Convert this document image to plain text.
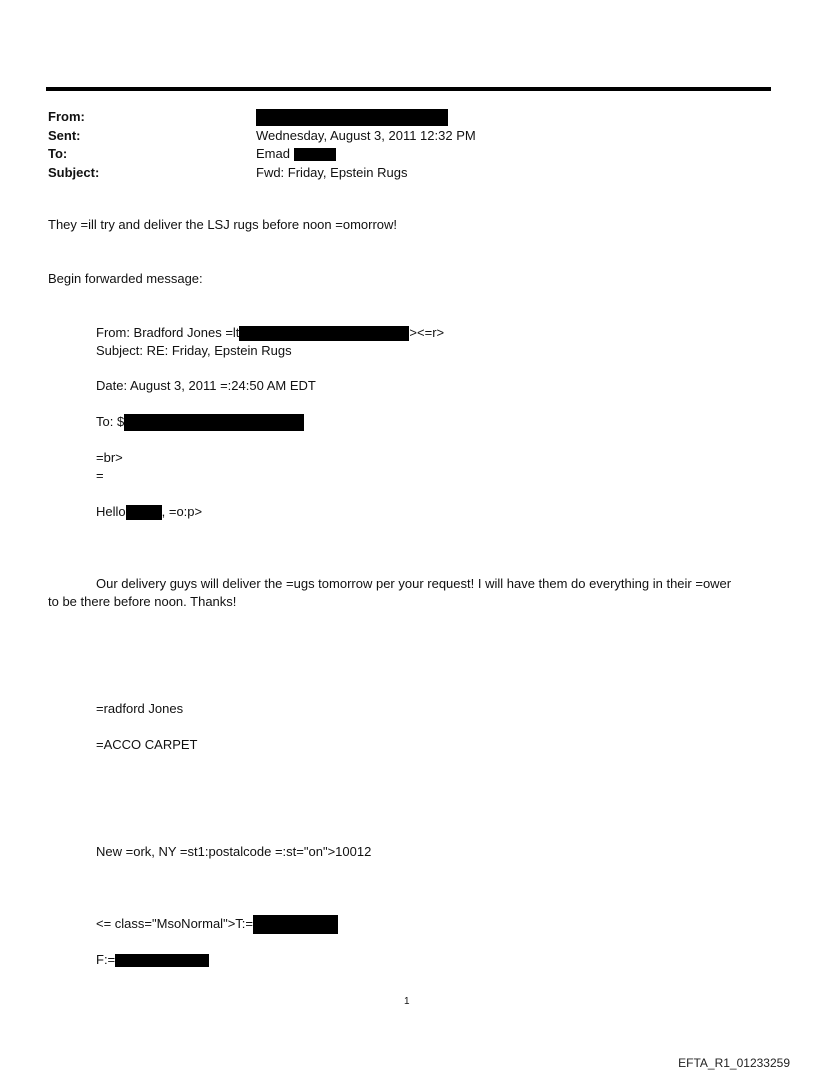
From:
Sent:	Wednesday, August 3, 2011 12:32 PM
To:	Emad
Subject:	Fwd: Friday, Epstein Rugs
They =ill try and deliver the LSJ rugs before noon =omorrow!
Begin forwarded message:
From: Bradford Jones =lt	><=r>
Subject: RE: Friday, Epstein Rugs
Date: August 3, 2011 =:24:50 AM EDT
To: $
=br>
=
Hello	, =o:p>
Our delivery guys will deliver the =ugs tomorrow per your request! I will have them do everything in their =ower
to be there before noon. Thanks!
=radford Jones
=ACCO CARPET
New =ork, NY =st1:postalcode =:st="on">10012
<= class="MsoNormal">T:=
F:=
1
EFTA_R1_01233259
